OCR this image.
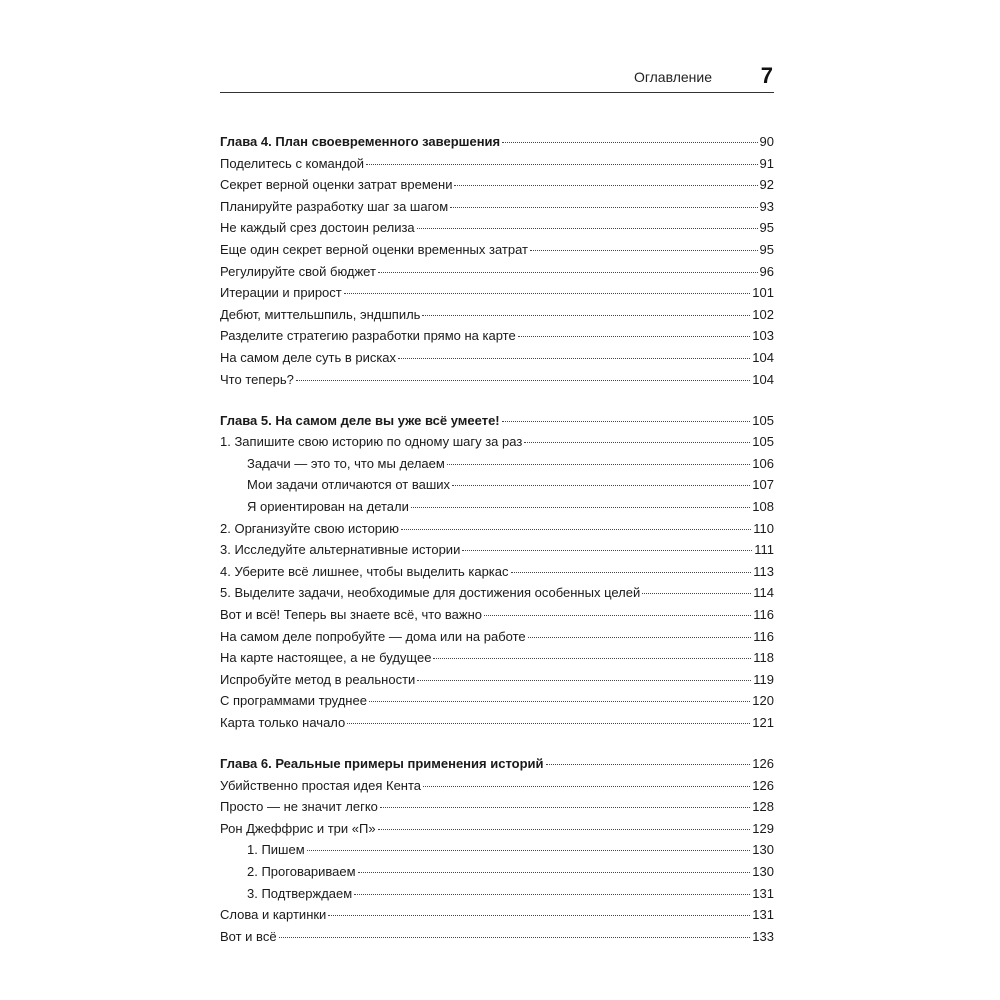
Оглавление 7
Глава 4. План своевременного завершения	90
Поделитесь с командой	91
Секрет верной оценки затрат времени	92
Планируйте разработку шаг за шагом	93
Не каждый срез достоин релиза	95
Еще один секрет верной оценки временных затрат	95
Регулируйте свой бюджет	96
Итерации и прирост	101
Дебют, миттельшпиль, эндшпиль	102
Разделите стратегию разработки прямо на карте	103
На самом деле суть в рисках	104
Что теперь?	104
Глава 5. На самом деле вы уже всё умеете!	105
1. Запишите свою историю по одному шагу за раз	105
Задачи — это то, что мы делаем	106
Мои задачи отличаются от ваших	107
Я ориентирован на детали	108
2. Организуйте свою историю	110
3. Исследуйте альтернативные истории	111
4. Уберите всё лишнее, чтобы выделить каркас	113
5. Выделите задачи, необходимые для достижения особенных целей	114
Вот и всё! Теперь вы знаете всё, что важно	116
На самом деле попробуйте — дома или на работе	116
На карте настоящее, а не будущее	118
Испробуйте метод в реальности	119
С программами труднее	120
Карта только начало	121
Глава 6. Реальные примеры применения историй	126
Убийственно простая идея Кента	126
Просто — не значит легко	128
Рон Джеффрис и три «П»	129
1. Пишем	130
2. Проговариваем	130
3. Подтверждаем	131
Слова и картинки	131
Вот и всё	133
